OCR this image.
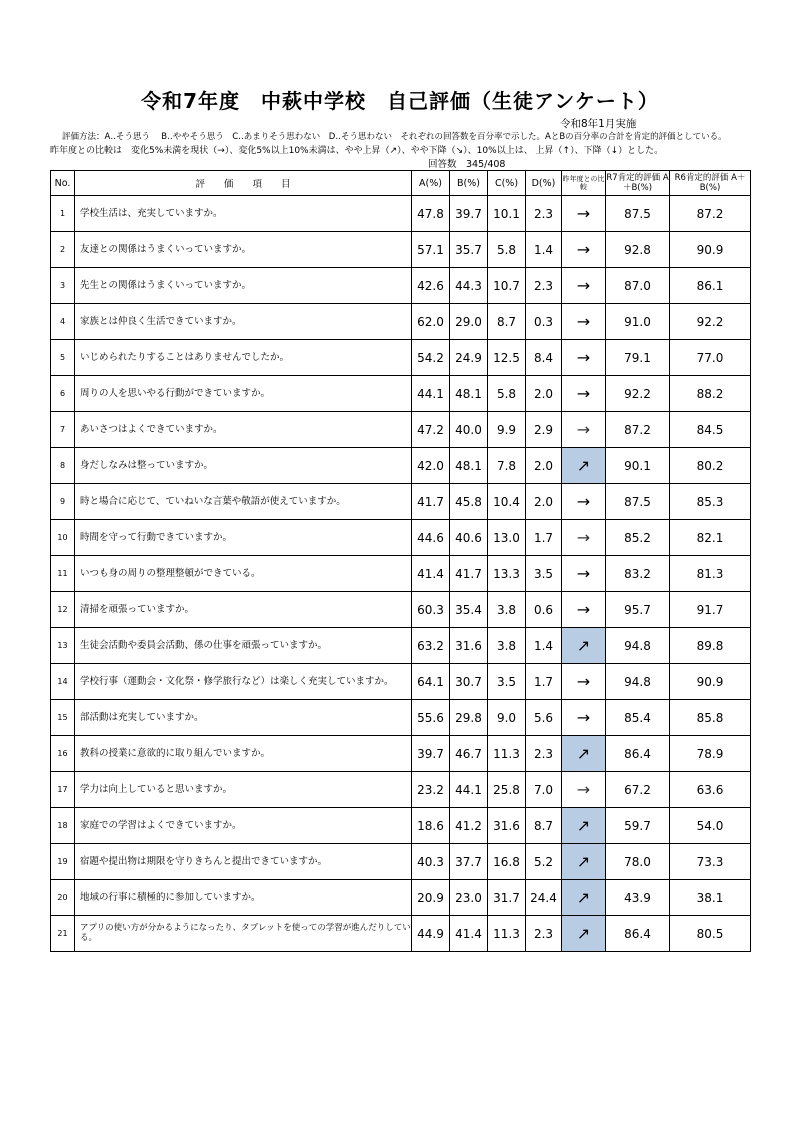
令和7年度　中萩中学校　自己評価（生徒アンケート）
令和8年1月実施
評価方法：A‥そう思う　 B‥ややそう思う　C‥あまりそう思わない　D‥そう思わない　それぞれの回答数を百分率で示した。AとBの百分率の合計を肯定的評価としている。
昨年度との比較は　変化5%未満を現状（→）、変化5%以上10%未満は、やや上昇（↗）、やや下降（↘）、10%以上は、 上昇（↑）、下降（↓）とした。
回答数　345/408
No.	評　　価　　項　　目	A(%)	B(%)	C(%)	D(%)	昨年度との比較	R7肯定的評価 A＋B(%)	R6肯定的評価 A＋B(%)
1	学校生活は、充実していますか。	47.8	39.7	10.1	2.3	→	87.5	87.2
2	友達との関係はうまくいっていますか。	57.1	35.7	5.8	1.4	→	92.8	90.9
3	先生との関係はうまくいっていますか。	42.6	44.3	10.7	2.3	→	87.0	86.1
4	家族とは仲良く生活できていますか。	62.0	29.0	8.7	0.3	→	91.0	92.2
5	いじめられたりすることはありませんでしたか。	54.2	24.9	12.5	8.4	→	79.1	77.0
6	周りの人を思いやる行動ができていますか。	44.1	48.1	5.8	2.0	→	92.2	88.2
7	あいさつはよくできていますか。	47.2	40.0	9.9	2.9	→	87.2	84.5
8	身だしなみは整っていますか。	42.0	48.1	7.8	2.0	↗	90.1	80.2
9	時と場合に応じて、ていねいな言葉や敬語が使えていますか。	41.7	45.8	10.4	2.0	→	87.5	85.3
10	時間を守って行動できていますか。	44.6	40.6	13.0	1.7	→	85.2	82.1
11	いつも身の周りの整理整頓ができている。	41.4	41.7	13.3	3.5	→	83.2	81.3
12	清掃を頑張っていますか。	60.3	35.4	3.8	0.6	→	95.7	91.7
13	生徒会活動や委員会活動、係の仕事を頑張っていますか。	63.2	31.6	3.8	1.4	↗	94.8	89.8
14	学校行事（運動会・文化祭・修学旅行など）は楽しく充実していますか。	64.1	30.7	3.5	1.7	→	94.8	90.9
15	部活動は充実していますか。	55.6	29.8	9.0	5.6	→	85.4	85.8
16	教科の授業に意欲的に取り組んでいますか。	39.7	46.7	11.3	2.3	↗	86.4	78.9
17	学力は向上していると思いますか。	23.2	44.1	25.8	7.0	→	67.2	63.6
18	家庭での学習はよくできていますか。	18.6	41.2	31.6	8.7	↗	59.7	54.0
19	宿題や提出物は期限を守りきちんと提出できていますか。	40.3	37.7	16.8	5.2	↗	78.0	73.3
20	地域の行事に積極的に参加していますか。	20.9	23.0	31.7	24.4	↗	43.9	38.1
21	アプリの使い方が分かるようになったり、タブレットを使っての学習が進んだりしている。	44.9	41.4	11.3	2.3	↗	86.4	80.5
